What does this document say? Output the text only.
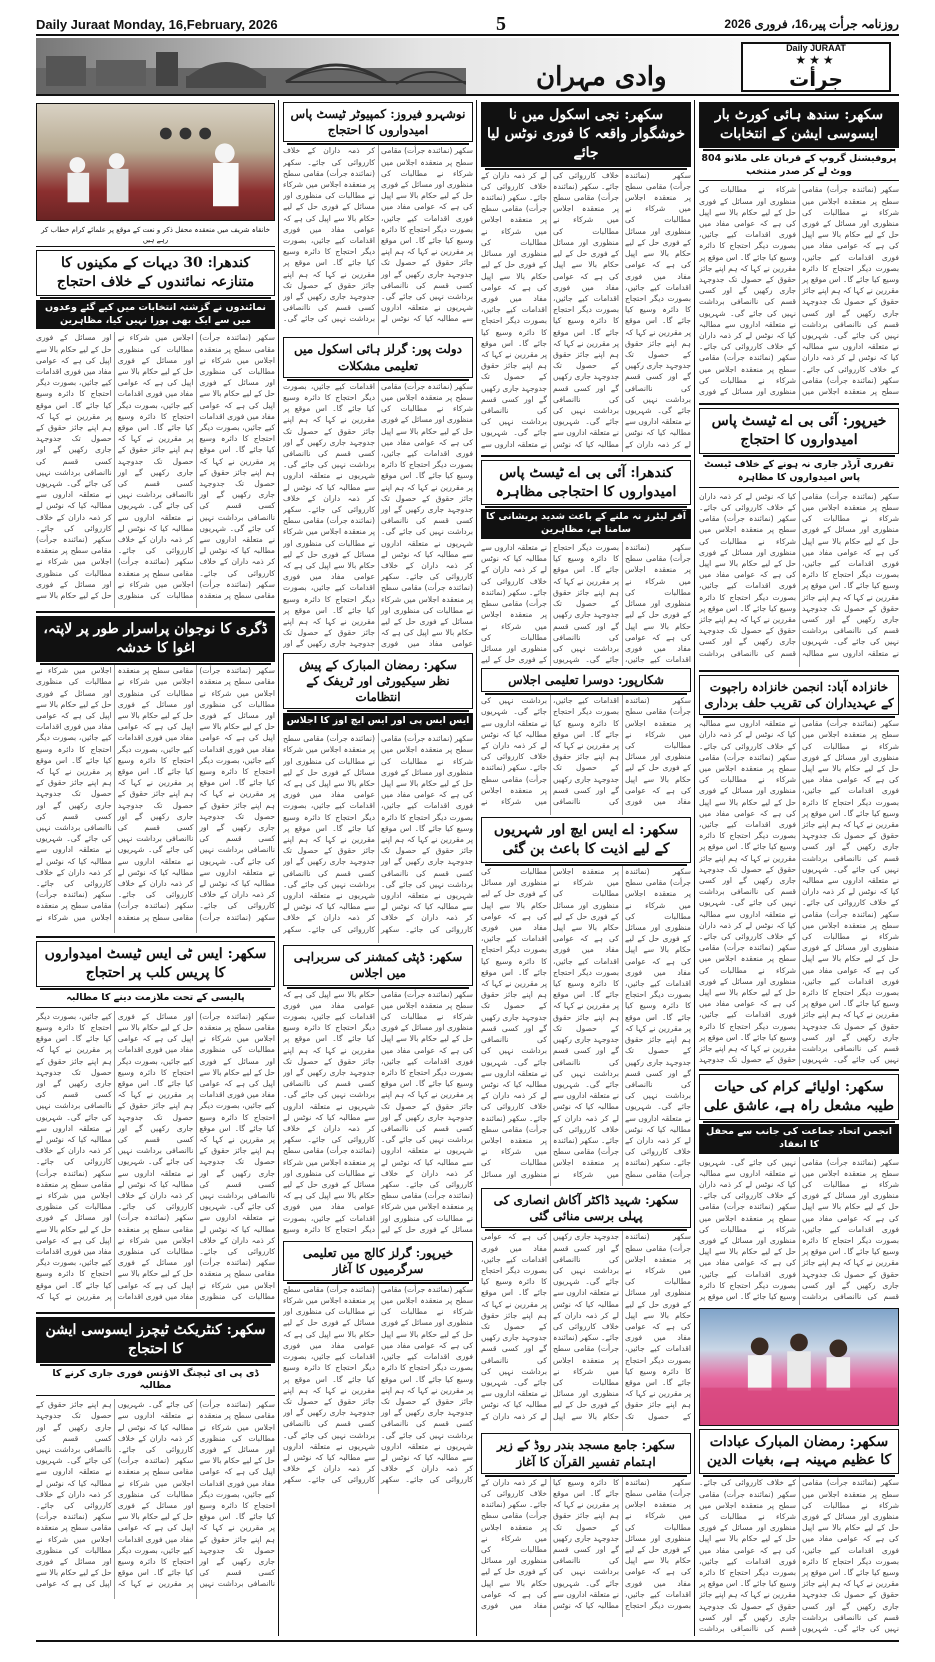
Daily Juraat Monday, 16,February, 2026	5	روزنامہ جرأت پیر،16، فروری 2026
وادی مہران
Daily JURAAT
★★★
جرأت
سکھر: سندھ ہائی کورٹ بار ایسوسی ایشن کے انتخابات
پروفیشنل گروپ کے قربان علی ملانو 804 ووٹ لے کر صدر منتخب
سکھر (نمائندہ جرأت) مقامی سطح پر منعقدہ اجلاس میں شرکاء نے مطالبات کی منظوری اور مسائل کے فوری حل کے لیے حکام بالا سے اپیل کی ہے کہ عوامی مفاد میں فوری اقدامات کیے جائیں، بصورت دیگر احتجاج کا دائرہ وسیع کیا جائے گا۔ اس موقع پر مقررین نے کہا کہ ہم اپنے جائز حقوق کے حصول تک جدوجہد جاری رکھیں گے اور کسی قسم کی ناانصافی برداشت نہیں کی جائے گی۔ شہریوں نے متعلقہ اداروں سے مطالبہ کیا کہ نوٹس لے کر ذمہ داران کے خلاف کارروائی کی جائے۔ سکھر (نمائندہ جرأت) مقامی سطح پر منعقدہ اجلاس میں شرکاء نے مطالبات کی منظوری اور مسائل کے فوری حل کے لیے حکام بالا سے اپیل کی ہے کہ عوامی مفاد میں فوری اقدامات کیے جائیں، بصورت دیگر احتجاج کا دائرہ وسیع کیا جائے گا۔ اس موقع پر مقررین نے کہا کہ ہم اپنے جائز حقوق کے حصول تک جدوجہد جاری رکھیں گے اور کسی قسم کی ناانصافی برداشت نہیں کی جائے گی۔ شہریوں نے متعلقہ اداروں سے مطالبہ کیا کہ نوٹس لے کر ذمہ داران کے خلاف کارروائی کی جائے۔ سکھر (نمائندہ جرأت) مقامی سطح پر منعقدہ اجلاس میں شرکاء نے مطالبات کی منظوری اور مسائل کے فوری
خیرپور: آئی بی اے ٹیسٹ پاس امیدواروں کا احتجاج
تقرری آرڈر جاری نہ ہونے کے خلاف ٹیسٹ پاس امیدواروں کا مظاہرہ
سکھر (نمائندہ جرأت) مقامی سطح پر منعقدہ اجلاس میں شرکاء نے مطالبات کی منظوری اور مسائل کے فوری حل کے لیے حکام بالا سے اپیل کی ہے کہ عوامی مفاد میں فوری اقدامات کیے جائیں، بصورت دیگر احتجاج کا دائرہ وسیع کیا جائے گا۔ اس موقع پر مقررین نے کہا کہ ہم اپنے جائز حقوق کے حصول تک جدوجہد جاری رکھیں گے اور کسی قسم کی ناانصافی برداشت نہیں کی جائے گی۔ شہریوں نے متعلقہ اداروں سے مطالبہ کیا کہ نوٹس لے کر ذمہ داران کے خلاف کارروائی کی جائے۔ سکھر (نمائندہ جرأت) مقامی سطح پر منعقدہ اجلاس میں شرکاء نے مطالبات کی منظوری اور مسائل کے فوری حل کے لیے حکام بالا سے اپیل کی ہے کہ عوامی مفاد میں فوری اقدامات کیے جائیں، بصورت دیگر احتجاج کا دائرہ وسیع کیا جائے گا۔ اس موقع پر مقررین نے کہا کہ ہم اپنے جائز حقوق کے حصول تک جدوجہد جاری رکھیں گے اور کسی قسم کی ناانصافی برداشت
خانزادہ آباد: انجمن خانزادہ راجپوت کے عہدیداران کی تقریب حلف برداری
سکھر (نمائندہ جرأت) مقامی سطح پر منعقدہ اجلاس میں شرکاء نے مطالبات کی منظوری اور مسائل کے فوری حل کے لیے حکام بالا سے اپیل کی ہے کہ عوامی مفاد میں فوری اقدامات کیے جائیں، بصورت دیگر احتجاج کا دائرہ وسیع کیا جائے گا۔ اس موقع پر مقررین نے کہا کہ ہم اپنے جائز حقوق کے حصول تک جدوجہد جاری رکھیں گے اور کسی قسم کی ناانصافی برداشت نہیں کی جائے گی۔ شہریوں نے متعلقہ اداروں سے مطالبہ کیا کہ نوٹس لے کر ذمہ داران کے خلاف کارروائی کی جائے۔ سکھر (نمائندہ جرأت) مقامی سطح پر منعقدہ اجلاس میں شرکاء نے مطالبات کی منظوری اور مسائل کے فوری حل کے لیے حکام بالا سے اپیل کی ہے کہ عوامی مفاد میں فوری اقدامات کیے جائیں، بصورت دیگر احتجاج کا دائرہ وسیع کیا جائے گا۔ اس موقع پر مقررین نے کہا کہ ہم اپنے جائز حقوق کے حصول تک جدوجہد جاری رکھیں گے اور کسی قسم کی ناانصافی برداشت نہیں کی جائے گی۔ شہریوں نے متعلقہ اداروں سے مطالبہ کیا کہ نوٹس لے کر ذمہ داران کے خلاف کارروائی کی جائے۔ سکھر (نمائندہ جرأت) مقامی سطح پر منعقدہ اجلاس میں شرکاء نے مطالبات کی منظوری اور مسائل کے فوری حل کے لیے حکام بالا سے اپیل کی ہے کہ عوامی مفاد میں فوری اقدامات کیے جائیں، بصورت دیگر احتجاج کا دائرہ وسیع کیا جائے گا۔ اس موقع پر مقررین نے کہا کہ ہم اپنے جائز حقوق کے حصول تک جدوجہد جاری رکھیں گے اور کسی قسم کی ناانصافی برداشت نہیں کی جائے گی۔ شہریوں نے متعلقہ اداروں سے مطالبہ کیا کہ نوٹس لے کر ذمہ داران کے خلاف کارروائی کی جائے۔ سکھر (نمائندہ جرأت) مقامی سطح پر منعقدہ اجلاس میں شرکاء نے مطالبات کی منظوری اور مسائل کے فوری حل کے لیے حکام بالا سے اپیل کی ہے کہ عوامی مفاد میں فوری اقدامات کیے جائیں، بصورت دیگر احتجاج کا دائرہ وسیع کیا جائے گا۔ اس موقع پر مقررین نے کہا کہ ہم اپنے جائز حقوق کے حصول تک جدوجہد
سکھر: اولیائے کرام کی حیات طیبہ مشعل راہ ہے، عاشق علی
انجمن اتحاد جماعت کی جانب سے محفل کا انعقاد
سکھر (نمائندہ جرأت) مقامی سطح پر منعقدہ اجلاس میں شرکاء نے مطالبات کی منظوری اور مسائل کے فوری حل کے لیے حکام بالا سے اپیل کی ہے کہ عوامی مفاد میں فوری اقدامات کیے جائیں، بصورت دیگر احتجاج کا دائرہ وسیع کیا جائے گا۔ اس موقع پر مقررین نے کہا کہ ہم اپنے جائز حقوق کے حصول تک جدوجہد جاری رکھیں گے اور کسی قسم کی ناانصافی برداشت نہیں کی جائے گی۔ شہریوں نے متعلقہ اداروں سے مطالبہ کیا کہ نوٹس لے کر ذمہ داران کے خلاف کارروائی کی جائے۔ سکھر (نمائندہ جرأت) مقامی سطح پر منعقدہ اجلاس میں شرکاء نے مطالبات کی منظوری اور مسائل کے فوری حل کے لیے حکام بالا سے اپیل کی ہے کہ عوامی مفاد میں فوری اقدامات کیے جائیں، بصورت دیگر احتجاج کا دائرہ وسیع کیا جائے گا۔ اس موقع پر
سکھر: رمضان المبارک عبادات کا عظیم مہینہ ہے، بغیات الدین
سکھر (نمائندہ جرأت) مقامی سطح پر منعقدہ اجلاس میں شرکاء نے مطالبات کی منظوری اور مسائل کے فوری حل کے لیے حکام بالا سے اپیل کی ہے کہ عوامی مفاد میں فوری اقدامات کیے جائیں، بصورت دیگر احتجاج کا دائرہ وسیع کیا جائے گا۔ اس موقع پر مقررین نے کہا کہ ہم اپنے جائز حقوق کے حصول تک جدوجہد جاری رکھیں گے اور کسی قسم کی ناانصافی برداشت نہیں کی جائے گی۔ شہریوں کے خلاف کارروائی کی جائے۔ سکھر (نمائندہ جرأت) مقامی سطح پر منعقدہ اجلاس میں شرکاء نے مطالبات کی منظوری اور مسائل کے فوری حل کے لیے حکام بالا سے اپیل کی ہے کہ عوامی مفاد میں فوری اقدامات کیے جائیں، بصورت دیگر احتجاج کا دائرہ وسیع کیا جائے گا۔ اس موقع پر مقررین نے کہا کہ ہم اپنے جائز حقوق کے حصول تک جدوجہد جاری رکھیں گے اور کسی قسم کی ناانصافی برداشت
سکھر: نجی اسکول میں نا خوشگوار واقعہ کا فوری نوٹس لیا جائے
سکھر (نمائندہ جرأت) مقامی سطح پر منعقدہ اجلاس میں شرکاء نے مطالبات کی منظوری اور مسائل کے فوری حل کے لیے حکام بالا سے اپیل کی ہے کہ عوامی مفاد میں فوری اقدامات کیے جائیں، بصورت دیگر احتجاج کا دائرہ وسیع کیا جائے گا۔ اس موقع پر مقررین نے کہا کہ ہم اپنے جائز حقوق کے حصول تک جدوجہد جاری رکھیں گے اور کسی قسم کی ناانصافی برداشت نہیں کی جائے گی۔ شہریوں نے متعلقہ اداروں سے مطالبہ کیا کہ نوٹس لے کر ذمہ داران کے خلاف کارروائی کی جائے۔ سکھر (نمائندہ جرأت) مقامی سطح پر منعقدہ اجلاس میں شرکاء نے مطالبات کی منظوری اور مسائل کے فوری حل کے لیے حکام بالا سے اپیل کی ہے کہ عوامی مفاد میں فوری اقدامات کیے جائیں، بصورت دیگر احتجاج کا دائرہ وسیع کیا جائے گا۔ اس موقع پر مقررین نے کہا کہ ہم اپنے جائز حقوق کے حصول تک جدوجہد جاری رکھیں گے اور کسی قسم کی ناانصافی برداشت نہیں کی جائے گی۔ شہریوں نے متعلقہ اداروں سے مطالبہ کیا کہ نوٹس لے کر ذمہ داران کے خلاف کارروائی کی جائے۔ سکھر (نمائندہ جرأت) مقامی سطح پر منعقدہ اجلاس میں شرکاء نے مطالبات کی منظوری اور مسائل کے فوری حل کے لیے حکام بالا سے اپیل کی ہے کہ عوامی مفاد میں فوری اقدامات کیے جائیں، بصورت دیگر احتجاج کا دائرہ وسیع کیا جائے گا۔ اس موقع پر مقررین نے کہا کہ ہم اپنے جائز حقوق کے حصول تک جدوجہد جاری رکھیں گے اور کسی قسم کی ناانصافی برداشت نہیں کی جائے گی۔ شہریوں نے متعلقہ اداروں سے
کندھرا: آئی بی اے ٹیسٹ پاس امیدواروں کا احتجاجی مظاہرہ
آفر لیٹرز نہ ملنے کے باعث شدید پریشانی کا سامنا ہے، مظاہرین
سکھر (نمائندہ جرأت) مقامی سطح پر منعقدہ اجلاس میں شرکاء نے مطالبات کی منظوری اور مسائل کے فوری حل کے لیے حکام بالا سے اپیل کی ہے کہ عوامی مفاد میں فوری اقدامات کیے جائیں، بصورت دیگر احتجاج کا دائرہ وسیع کیا جائے گا۔ اس موقع پر مقررین نے کہا کہ ہم اپنے جائز حقوق کے حصول تک جدوجہد جاری رکھیں گے اور کسی قسم کی ناانصافی برداشت نہیں کی جائے گی۔ شہریوں نے متعلقہ اداروں سے مطالبہ کیا کہ نوٹس لے کر ذمہ داران کے خلاف کارروائی کی جائے۔ سکھر (نمائندہ جرأت) مقامی سطح پر منعقدہ اجلاس میں شرکاء نے مطالبات کی منظوری اور مسائل کے فوری حل کے لیے
شکارپور: دوسرا تعلیمی اجلاس
سکھر (نمائندہ جرأت) مقامی سطح پر منعقدہ اجلاس میں شرکاء نے مطالبات کی منظوری اور مسائل کے فوری حل کے لیے حکام بالا سے اپیل کی ہے کہ عوامی مفاد میں فوری اقدامات کیے جائیں، بصورت دیگر احتجاج کا دائرہ وسیع کیا جائے گا۔ اس موقع پر مقررین نے کہا کہ ہم اپنے جائز حقوق کے حصول تک جدوجہد جاری رکھیں گے اور کسی قسم کی ناانصافی برداشت نہیں کی جائے گی۔ شہریوں نے متعلقہ اداروں سے مطالبہ کیا کہ نوٹس لے کر ذمہ داران کے خلاف کارروائی کی جائے۔ سکھر (نمائندہ جرأت) مقامی سطح پر منعقدہ اجلاس میں شرکاء نے
سکھر: اے ایس ایچ اور شہریوں کے لیے اذیت کا باعث بن گئی
سکھر (نمائندہ جرأت) مقامی سطح پر منعقدہ اجلاس میں شرکاء نے مطالبات کی منظوری اور مسائل کے فوری حل کے لیے حکام بالا سے اپیل کی ہے کہ عوامی مفاد میں فوری اقدامات کیے جائیں، بصورت دیگر احتجاج کا دائرہ وسیع کیا جائے گا۔ اس موقع پر مقررین نے کہا کہ ہم اپنے جائز حقوق کے حصول تک جدوجہد جاری رکھیں گے اور کسی قسم کی ناانصافی برداشت نہیں کی جائے گی۔ شہریوں نے متعلقہ اداروں سے مطالبہ کیا کہ نوٹس لے کر ذمہ داران کے خلاف کارروائی کی جائے۔ سکھر (نمائندہ جرأت) مقامی سطح پر منعقدہ اجلاس میں شرکاء نے مطالبات کی منظوری اور مسائل کے فوری حل کے لیے حکام بالا سے اپیل کی ہے کہ عوامی مفاد میں فوری اقدامات کیے جائیں، بصورت دیگر احتجاج کا دائرہ وسیع کیا جائے گا۔ اس موقع پر مقررین نے کہا کہ ہم اپنے جائز حقوق کے حصول تک جدوجہد جاری رکھیں گے اور کسی قسم کی ناانصافی برداشت نہیں کی جائے گی۔ شہریوں نے متعلقہ اداروں سے مطالبہ کیا کہ نوٹس لے کر ذمہ داران کے خلاف کارروائی کی جائے۔ سکھر (نمائندہ جرأت) مقامی سطح پر منعقدہ اجلاس میں شرکاء نے مطالبات کی منظوری اور مسائل کے فوری حل کے لیے حکام بالا سے اپیل کی ہے کہ عوامی مفاد میں فوری اقدامات کیے جائیں، بصورت دیگر احتجاج کا دائرہ وسیع کیا جائے گا۔ اس موقع پر مقررین نے کہا کہ ہم اپنے جائز حقوق کے حصول تک جدوجہد جاری رکھیں گے اور کسی قسم کی ناانصافی برداشت نہیں کی جائے گی۔ شہریوں نے متعلقہ اداروں سے مطالبہ کیا کہ نوٹس لے کر ذمہ داران کے خلاف کارروائی کی جائے۔ سکھر (نمائندہ جرأت) مقامی سطح پر منعقدہ اجلاس میں شرکاء نے مطالبات کی منظوری اور مسائل
سکھر: شہید ڈاکٹر آکاش انصاری کی پہلی برسی منائی گئی
سکھر (نمائندہ جرأت) مقامی سطح پر منعقدہ اجلاس میں شرکاء نے مطالبات کی منظوری اور مسائل کے فوری حل کے لیے حکام بالا سے اپیل کی ہے کہ عوامی مفاد میں فوری اقدامات کیے جائیں، بصورت دیگر احتجاج کا دائرہ وسیع کیا جائے گا۔ اس موقع پر مقررین نے کہا کہ ہم اپنے جائز حقوق کے حصول تک جدوجہد جاری رکھیں گے اور کسی قسم کی ناانصافی برداشت نہیں کی جائے گی۔ شہریوں نے متعلقہ اداروں سے مطالبہ کیا کہ نوٹس لے کر ذمہ داران کے خلاف کارروائی کی جائے۔ سکھر (نمائندہ جرأت) مقامی سطح پر منعقدہ اجلاس میں شرکاء نے مطالبات کی منظوری اور مسائل کے فوری حل کے لیے حکام بالا سے اپیل کی ہے کہ عوامی مفاد میں فوری اقدامات کیے جائیں، بصورت دیگر احتجاج کا دائرہ وسیع کیا جائے گا۔ اس موقع پر مقررین نے کہا کہ ہم اپنے جائز حقوق کے حصول تک جدوجہد جاری رکھیں گے اور کسی قسم کی ناانصافی برداشت نہیں کی جائے گی۔ شہریوں نے متعلقہ اداروں سے مطالبہ کیا کہ نوٹس لے کر ذمہ داران کے
سکھر: جامع مسجد بندر روڈ کے زیر اہتمام تفسیر القرآن کا آغاز
سکھر (نمائندہ جرأت) مقامی سطح پر منعقدہ اجلاس میں شرکاء نے مطالبات کی منظوری اور مسائل کے فوری حل کے لیے حکام بالا سے اپیل کی ہے کہ عوامی مفاد میں فوری اقدامات کیے جائیں، بصورت دیگر احتجاج کا دائرہ وسیع کیا جائے گا۔ اس موقع پر مقررین نے کہا کہ ہم اپنے جائز حقوق کے حصول تک جدوجہد جاری رکھیں گے اور کسی قسم کی ناانصافی برداشت نہیں کی جائے گی۔ شہریوں نے متعلقہ اداروں سے مطالبہ کیا کہ نوٹس لے کر ذمہ داران کے خلاف کارروائی کی جائے۔ سکھر (نمائندہ جرأت) مقامی سطح پر منعقدہ اجلاس میں شرکاء نے مطالبات کی منظوری اور مسائل کے فوری حل کے لیے حکام بالا سے اپیل کی ہے کہ عوامی مفاد میں فوری
نوشہرو فیروز: کمپیوٹر ٹیسٹ پاس امیدواروں کا احتجاج
سکھر (نمائندہ جرأت) مقامی سطح پر منعقدہ اجلاس میں شرکاء نے مطالبات کی منظوری اور مسائل کے فوری حل کے لیے حکام بالا سے اپیل کی ہے کہ عوامی مفاد میں فوری اقدامات کیے جائیں، بصورت دیگر احتجاج کا دائرہ وسیع کیا جائے گا۔ اس موقع پر مقررین نے کہا کہ ہم اپنے جائز حقوق کے حصول تک جدوجہد جاری رکھیں گے اور کسی قسم کی ناانصافی برداشت نہیں کی جائے گی۔ شہریوں نے متعلقہ اداروں سے مطالبہ کیا کہ نوٹس لے کر ذمہ داران کے خلاف کارروائی کی جائے۔ سکھر (نمائندہ جرأت) مقامی سطح پر منعقدہ اجلاس میں شرکاء نے مطالبات کی منظوری اور مسائل کے فوری حل کے لیے حکام بالا سے اپیل کی ہے کہ عوامی مفاد میں فوری اقدامات کیے جائیں، بصورت دیگر احتجاج کا دائرہ وسیع کیا جائے گا۔ اس موقع پر مقررین نے کہا کہ ہم اپنے جائز حقوق کے حصول تک جدوجہد جاری رکھیں گے اور کسی قسم کی ناانصافی برداشت نہیں کی جائے گی۔
دولت پور: گرلز ہائی اسکول میں تعلیمی مشکلات
سکھر (نمائندہ جرأت) مقامی سطح پر منعقدہ اجلاس میں شرکاء نے مطالبات کی منظوری اور مسائل کے فوری حل کے لیے حکام بالا سے اپیل کی ہے کہ عوامی مفاد میں فوری اقدامات کیے جائیں، بصورت دیگر احتجاج کا دائرہ وسیع کیا جائے گا۔ اس موقع پر مقررین نے کہا کہ ہم اپنے جائز حقوق کے حصول تک جدوجہد جاری رکھیں گے اور کسی قسم کی ناانصافی برداشت نہیں کی جائے گی۔ شہریوں نے متعلقہ اداروں سے مطالبہ کیا کہ نوٹس لے کر ذمہ داران کے خلاف کارروائی کی جائے۔ سکھر (نمائندہ جرأت) مقامی سطح پر منعقدہ اجلاس میں شرکاء نے مطالبات کی منظوری اور مسائل کے فوری حل کے لیے حکام بالا سے اپیل کی ہے کہ عوامی مفاد میں فوری اقدامات کیے جائیں، بصورت دیگر احتجاج کا دائرہ وسیع کیا جائے گا۔ اس موقع پر مقررین نے کہا کہ ہم اپنے جائز حقوق کے حصول تک جدوجہد جاری رکھیں گے اور کسی قسم کی ناانصافی برداشت نہیں کی جائے گی۔ شہریوں نے متعلقہ اداروں سے مطالبہ کیا کہ نوٹس لے کر ذمہ داران کے خلاف کارروائی کی جائے۔ سکھر (نمائندہ جرأت) مقامی سطح پر منعقدہ اجلاس میں شرکاء نے مطالبات کی منظوری اور مسائل کے فوری حل کے لیے حکام بالا سے اپیل کی ہے کہ عوامی مفاد میں فوری اقدامات کیے جائیں، بصورت دیگر احتجاج کا دائرہ وسیع کیا جائے گا۔ اس موقع پر مقررین نے کہا کہ ہم اپنے جائز حقوق کے حصول تک جدوجہد جاری رکھیں گے اور
سکھر: رمضان المبارک کے پیش نظر سیکیورٹی اور ٹریفک کے انتظامات
ایس ایس پی اور ایس ایچ اوز کا اجلاس
سکھر (نمائندہ جرأت) مقامی سطح پر منعقدہ اجلاس میں شرکاء نے مطالبات کی منظوری اور مسائل کے فوری حل کے لیے حکام بالا سے اپیل کی ہے کہ عوامی مفاد میں فوری اقدامات کیے جائیں، بصورت دیگر احتجاج کا دائرہ وسیع کیا جائے گا۔ اس موقع پر مقررین نے کہا کہ ہم اپنے جائز حقوق کے حصول تک جدوجہد جاری رکھیں گے اور کسی قسم کی ناانصافی برداشت نہیں کی جائے گی۔ شہریوں نے متعلقہ اداروں سے مطالبہ کیا کہ نوٹس لے کر ذمہ داران کے خلاف کارروائی کی جائے۔ سکھر (نمائندہ جرأت) مقامی سطح پر منعقدہ اجلاس میں شرکاء نے مطالبات کی منظوری اور مسائل کے فوری حل کے لیے حکام بالا سے اپیل کی ہے کہ عوامی مفاد میں فوری اقدامات کیے جائیں، بصورت دیگر احتجاج کا دائرہ وسیع کیا جائے گا۔ اس موقع پر مقررین نے کہا کہ ہم اپنے جائز حقوق کے حصول تک جدوجہد جاری رکھیں گے اور کسی قسم کی ناانصافی برداشت نہیں کی جائے گی۔ شہریوں نے متعلقہ اداروں سے مطالبہ کیا کہ نوٹس لے کر ذمہ داران کے خلاف کارروائی کی جائے۔ سکھر
سکھر: ڈپٹی کمشنر کی سربراہی میں اجلاس
سکھر (نمائندہ جرأت) مقامی سطح پر منعقدہ اجلاس میں شرکاء نے مطالبات کی منظوری اور مسائل کے فوری حل کے لیے حکام بالا سے اپیل کی ہے کہ عوامی مفاد میں فوری اقدامات کیے جائیں، بصورت دیگر احتجاج کا دائرہ وسیع کیا جائے گا۔ اس موقع پر مقررین نے کہا کہ ہم اپنے جائز حقوق کے حصول تک جدوجہد جاری رکھیں گے اور کسی قسم کی ناانصافی برداشت نہیں کی جائے گی۔ شہریوں نے متعلقہ اداروں سے مطالبہ کیا کہ نوٹس لے کر ذمہ داران کے خلاف کارروائی کی جائے۔ سکھر (نمائندہ جرأت) مقامی سطح پر منعقدہ اجلاس میں شرکاء نے مطالبات کی منظوری اور مسائل کے فوری حل کے لیے حکام بالا سے اپیل کی ہے کہ عوامی مفاد میں فوری اقدامات کیے جائیں، بصورت دیگر احتجاج کا دائرہ وسیع کیا جائے گا۔ اس موقع پر مقررین نے کہا کہ ہم اپنے جائز حقوق کے حصول تک جدوجہد جاری رکھیں گے اور کسی قسم کی ناانصافی برداشت نہیں کی جائے گی۔ شہریوں نے متعلقہ اداروں سے مطالبہ کیا کہ نوٹس لے کر ذمہ داران کے خلاف کارروائی کی جائے۔ سکھر (نمائندہ جرأت) مقامی سطح پر منعقدہ اجلاس میں شرکاء نے مطالبات کی منظوری اور مسائل کے فوری حل کے لیے حکام بالا سے اپیل کی ہے کہ عوامی مفاد میں فوری اقدامات کیے جائیں، بصورت دیگر احتجاج کا دائرہ وسیع
خیرپور: گرلز کالج میں تعلیمی سرگرمیوں کا آغاز
سکھر (نمائندہ جرأت) مقامی سطح پر منعقدہ اجلاس میں شرکاء نے مطالبات کی منظوری اور مسائل کے فوری حل کے لیے حکام بالا سے اپیل کی ہے کہ عوامی مفاد میں فوری اقدامات کیے جائیں، بصورت دیگر احتجاج کا دائرہ وسیع کیا جائے گا۔ اس موقع پر مقررین نے کہا کہ ہم اپنے جائز حقوق کے حصول تک جدوجہد جاری رکھیں گے اور کسی قسم کی ناانصافی برداشت نہیں کی جائے گی۔ شہریوں نے متعلقہ اداروں سے مطالبہ کیا کہ نوٹس لے کر ذمہ داران کے خلاف کارروائی کی جائے۔ سکھر (نمائندہ جرأت) مقامی سطح پر منعقدہ اجلاس میں شرکاء نے مطالبات کی منظوری اور مسائل کے فوری حل کے لیے حکام بالا سے اپیل کی ہے کہ عوامی مفاد میں فوری اقدامات کیے جائیں، بصورت دیگر احتجاج کا دائرہ وسیع کیا جائے گا۔ اس موقع پر مقررین نے کہا کہ ہم اپنے جائز حقوق کے حصول تک جدوجہد جاری رکھیں گے اور کسی قسم کی ناانصافی برداشت نہیں کی جائے گی۔ شہریوں نے متعلقہ اداروں سے مطالبہ کیا کہ نوٹس لے کر ذمہ داران کے خلاف کارروائی کی جائے۔ سکھر
خانقاہ شریف میں منعقدہ محفل ذکر و نعت کے موقع پر علمائے کرام خطاب کر رہے ہیں
کندھرا: 30 دیہات کے مکینوں کا متنازعہ نمائندوں کے خلاف احتجاج
نمائندوں نے گزشتہ انتخابات میں کیے گئے وعدوں میں سے ایک بھی پورا نہیں کیا، مظاہرین
سکھر (نمائندہ جرأت) مقامی سطح پر منعقدہ اجلاس میں شرکاء نے مطالبات کی منظوری اور مسائل کے فوری حل کے لیے حکام بالا سے اپیل کی ہے کہ عوامی مفاد میں فوری اقدامات کیے جائیں، بصورت دیگر احتجاج کا دائرہ وسیع کیا جائے گا۔ اس موقع پر مقررین نے کہا کہ ہم اپنے جائز حقوق کے حصول تک جدوجہد جاری رکھیں گے اور کسی قسم کی ناانصافی برداشت نہیں کی جائے گی۔ شہریوں نے متعلقہ اداروں سے مطالبہ کیا کہ نوٹس لے کر ذمہ داران کے خلاف کارروائی کی جائے۔ سکھر (نمائندہ جرأت) مقامی سطح پر منعقدہ اجلاس میں شرکاء نے مطالبات کی منظوری اور مسائل کے فوری حل کے لیے حکام بالا سے اپیل کی ہے کہ عوامی مفاد میں فوری اقدامات کیے جائیں، بصورت دیگر احتجاج کا دائرہ وسیع کیا جائے گا۔ اس موقع پر مقررین نے کہا کہ ہم اپنے جائز حقوق کے حصول تک جدوجہد جاری رکھیں گے اور کسی قسم کی ناانصافی برداشت نہیں کی جائے گی۔ شہریوں نے متعلقہ اداروں سے مطالبہ کیا کہ نوٹس لے کر ذمہ داران کے خلاف کارروائی کی جائے۔ سکھر (نمائندہ جرأت) مقامی سطح پر منعقدہ اجلاس میں شرکاء نے مطالبات کی منظوری اور مسائل کے فوری حل کے لیے حکام بالا سے اپیل کی ہے کہ عوامی مفاد میں فوری اقدامات کیے جائیں، بصورت دیگر احتجاج کا دائرہ وسیع کیا جائے گا۔ اس موقع پر مقررین نے کہا کہ ہم اپنے جائز حقوق کے حصول تک جدوجہد جاری رکھیں گے اور کسی قسم کی ناانصافی برداشت نہیں کی جائے گی۔ شہریوں نے متعلقہ اداروں سے مطالبہ کیا کہ نوٹس لے کر ذمہ داران کے خلاف کارروائی کی جائے۔ سکھر (نمائندہ جرأت) مقامی سطح پر منعقدہ اجلاس میں شرکاء نے مطالبات کی منظوری اور مسائل کے فوری حل کے لیے حکام بالا سے
ڈگری کا نوجوان پراسرار طور پر لاپتہ، اغوا کا خدشہ
سکھر (نمائندہ جرأت) مقامی سطح پر منعقدہ اجلاس میں شرکاء نے مطالبات کی منظوری اور مسائل کے فوری حل کے لیے حکام بالا سے اپیل کی ہے کہ عوامی مفاد میں فوری اقدامات کیے جائیں، بصورت دیگر احتجاج کا دائرہ وسیع کیا جائے گا۔ اس موقع پر مقررین نے کہا کہ ہم اپنے جائز حقوق کے حصول تک جدوجہد جاری رکھیں گے اور کسی قسم کی ناانصافی برداشت نہیں کی جائے گی۔ شہریوں نے متعلقہ اداروں سے مطالبہ کیا کہ نوٹس لے کر ذمہ داران کے خلاف کارروائی کی جائے۔ سکھر (نمائندہ جرأت) مقامی سطح پر منعقدہ اجلاس میں شرکاء نے مطالبات کی منظوری اور مسائل کے فوری حل کے لیے حکام بالا سے اپیل کی ہے کہ عوامی مفاد میں فوری اقدامات کیے جائیں، بصورت دیگر احتجاج کا دائرہ وسیع کیا جائے گا۔ اس موقع پر مقررین نے کہا کہ ہم اپنے جائز حقوق کے حصول تک جدوجہد جاری رکھیں گے اور کسی قسم کی ناانصافی برداشت نہیں کی جائے گی۔ شہریوں نے متعلقہ اداروں سے مطالبہ کیا کہ نوٹس لے کر ذمہ داران کے خلاف کارروائی کی جائے۔ سکھر (نمائندہ جرأت) مقامی سطح پر منعقدہ اجلاس میں شرکاء نے مطالبات کی منظوری اور مسائل کے فوری حل کے لیے حکام بالا سے اپیل کی ہے کہ عوامی مفاد میں فوری اقدامات کیے جائیں، بصورت دیگر احتجاج کا دائرہ وسیع کیا جائے گا۔ اس موقع پر مقررین نے کہا کہ ہم اپنے جائز حقوق کے حصول تک جدوجہد جاری رکھیں گے اور کسی قسم کی ناانصافی برداشت نہیں کی جائے گی۔ شہریوں نے متعلقہ اداروں سے مطالبہ کیا کہ نوٹس لے کر ذمہ داران کے خلاف کارروائی کی جائے۔ سکھر (نمائندہ جرأت) مقامی سطح پر منعقدہ اجلاس میں شرکاء نے
سکھر: ایس ٹی ایس ٹیسٹ امیدواروں کا پریس کلب پر احتجاج
پالیسی کے تحت ملازمت دینے کا مطالبہ
سکھر (نمائندہ جرأت) مقامی سطح پر منعقدہ اجلاس میں شرکاء نے مطالبات کی منظوری اور مسائل کے فوری حل کے لیے حکام بالا سے اپیل کی ہے کہ عوامی مفاد میں فوری اقدامات کیے جائیں، بصورت دیگر احتجاج کا دائرہ وسیع کیا جائے گا۔ اس موقع پر مقررین نے کہا کہ ہم اپنے جائز حقوق کے حصول تک جدوجہد جاری رکھیں گے اور کسی قسم کی ناانصافی برداشت نہیں کی جائے گی۔ شہریوں نے متعلقہ اداروں سے مطالبہ کیا کہ نوٹس لے کر ذمہ داران کے خلاف کارروائی کی جائے۔ سکھر (نمائندہ جرأت) مقامی سطح پر منعقدہ اجلاس میں شرکاء نے مطالبات کی منظوری اور مسائل کے فوری حل کے لیے حکام بالا سے اپیل کی ہے کہ عوامی مفاد میں فوری اقدامات کیے جائیں، بصورت دیگر احتجاج کا دائرہ وسیع کیا جائے گا۔ اس موقع پر مقررین نے کہا کہ ہم اپنے جائز حقوق کے حصول تک جدوجہد جاری رکھیں گے اور کسی قسم کی ناانصافی برداشت نہیں کی جائے گی۔ شہریوں نے متعلقہ اداروں سے مطالبہ کیا کہ نوٹس لے کر ذمہ داران کے خلاف کارروائی کی جائے۔ سکھر (نمائندہ جرأت) مقامی سطح پر منعقدہ اجلاس میں شرکاء نے مطالبات کی منظوری اور مسائل کے فوری حل کے لیے حکام بالا سے اپیل کی ہے کہ عوامی مفاد میں فوری اقدامات کیے جائیں، بصورت دیگر احتجاج کا دائرہ وسیع کیا جائے گا۔ اس موقع پر مقررین نے کہا کہ ہم اپنے جائز حقوق کے حصول تک جدوجہد جاری رکھیں گے اور کسی قسم کی ناانصافی برداشت نہیں کی جائے گی۔ شہریوں نے متعلقہ اداروں سے مطالبہ کیا کہ نوٹس لے کر ذمہ داران کے خلاف کارروائی کی جائے۔ سکھر (نمائندہ جرأت) مقامی سطح پر منعقدہ اجلاس میں شرکاء نے مطالبات کی منظوری اور مسائل کے فوری حل کے لیے حکام بالا سے اپیل کی ہے کہ عوامی مفاد میں فوری اقدامات کیے جائیں، بصورت دیگر احتجاج کا دائرہ وسیع کیا جائے گا۔ اس موقع پر مقررین نے کہا کہ
سکھر: کنٹریکٹ ٹیچرز ایسوسی ایشن کا احتجاج
ڈی پی ای ٹیچنگ الاؤنس فوری جاری کرنے کا مطالبہ
سکھر (نمائندہ جرأت) مقامی سطح پر منعقدہ اجلاس میں شرکاء نے مطالبات کی منظوری اور مسائل کے فوری حل کے لیے حکام بالا سے اپیل کی ہے کہ عوامی مفاد میں فوری اقدامات کیے جائیں، بصورت دیگر احتجاج کا دائرہ وسیع کیا جائے گا۔ اس موقع پر مقررین نے کہا کہ ہم اپنے جائز حقوق کے حصول تک جدوجہد جاری رکھیں گے اور کسی قسم کی ناانصافی برداشت نہیں کی جائے گی۔ شہریوں نے متعلقہ اداروں سے مطالبہ کیا کہ نوٹس لے کر ذمہ داران کے خلاف کارروائی کی جائے۔ سکھر (نمائندہ جرأت) مقامی سطح پر منعقدہ اجلاس میں شرکاء نے مطالبات کی منظوری اور مسائل کے فوری حل کے لیے حکام بالا سے اپیل کی ہے کہ عوامی مفاد میں فوری اقدامات کیے جائیں، بصورت دیگر احتجاج کا دائرہ وسیع کیا جائے گا۔ اس موقع پر مقررین نے کہا کہ ہم اپنے جائز حقوق کے حصول تک جدوجہد جاری رکھیں گے اور کسی قسم کی ناانصافی برداشت نہیں کی جائے گی۔ شہریوں نے متعلقہ اداروں سے مطالبہ کیا کہ نوٹس لے کر ذمہ داران کے خلاف کارروائی کی جائے۔ سکھر (نمائندہ جرأت) مقامی سطح پر منعقدہ اجلاس میں شرکاء نے مطالبات کی منظوری اور مسائل کے فوری حل کے لیے حکام بالا سے اپیل کی ہے کہ عوامی
